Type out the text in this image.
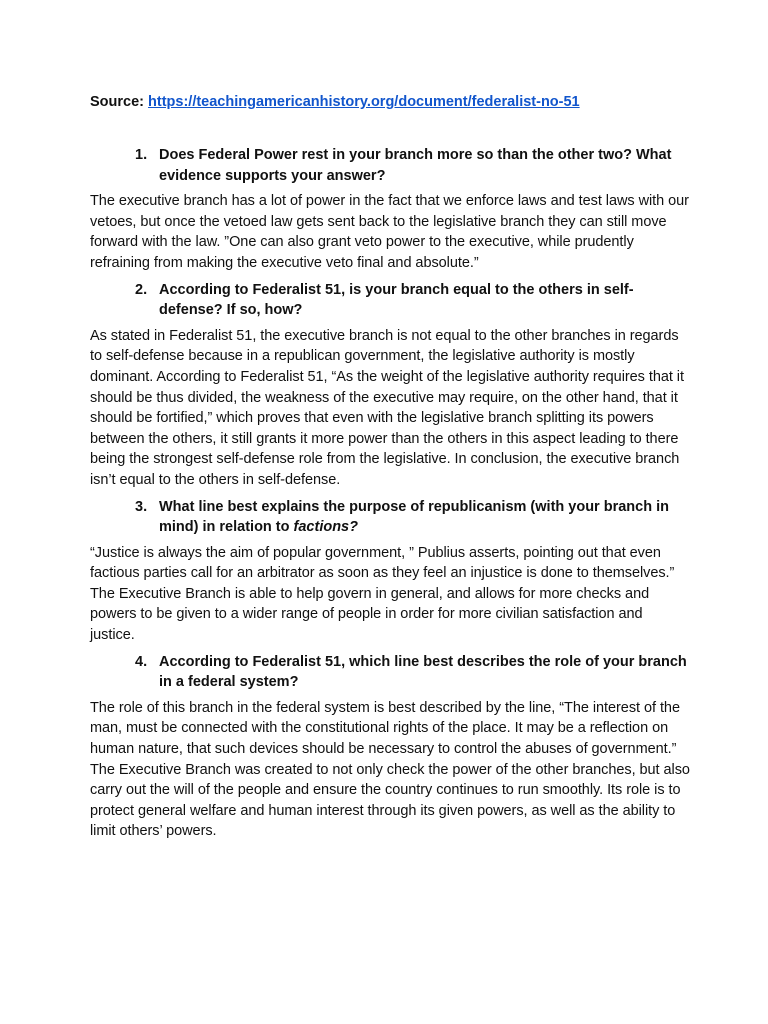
Source: https://teachingamericanhistory.org/document/federalist-no-51

1. Does Federal Power rest in your branch more so than the other two? What evidence supports your answer?

The executive branch has a lot of power in the fact that we enforce laws and test laws with our vetoes, but once the vetoed law gets sent back to the legislative branch they can still move forward with the law. ”One can also grant veto power to the executive, while prudently refraining from making the executive veto final and absolute.”

2. According to Federalist 51, is your branch equal to the others in self-defense? If so, how?

As stated in Federalist 51, the executive branch is not equal to the other branches in regards to self-defense because in a republican government, the legislative authority is mostly dominant. According to Federalist 51, “As the weight of the legislative authority requires that it should be thus divided, the weakness of the executive may require, on the other hand, that it should be fortified,” which proves that even with the legislative branch splitting its powers between the others, it still grants it more power than the others in this aspect leading to there being the strongest self-defense role from the legislative. In conclusion, the executive branch isn’t equal to the others in self-defense.

3. What line best explains the purpose of republicanism (with your branch in mind) in relation to factions?

“Justice is always the aim of popular government, ” Publius asserts, pointing out that even factious parties call for an arbitrator as soon as they feel an injustice is done to themselves.” The Executive Branch is able to help govern in general, and allows for more checks and powers to be given to a wider range of people in order for more civilian satisfaction and justice.

4. According to Federalist 51, which line best describes the role of your branch in a federal system?

The role of this branch in the federal system is best described by the line, “The interest of the man, must be connected with the constitutional rights of the place. It may be a reflection on human nature, that such devices should be necessary to control the abuses of government.” The Executive Branch was created to not only check the power of the other branches, but also carry out the will of the people and ensure the country continues to run smoothly. Its role is to protect general welfare and human interest through its given powers, as well as the ability to limit others’ powers.
